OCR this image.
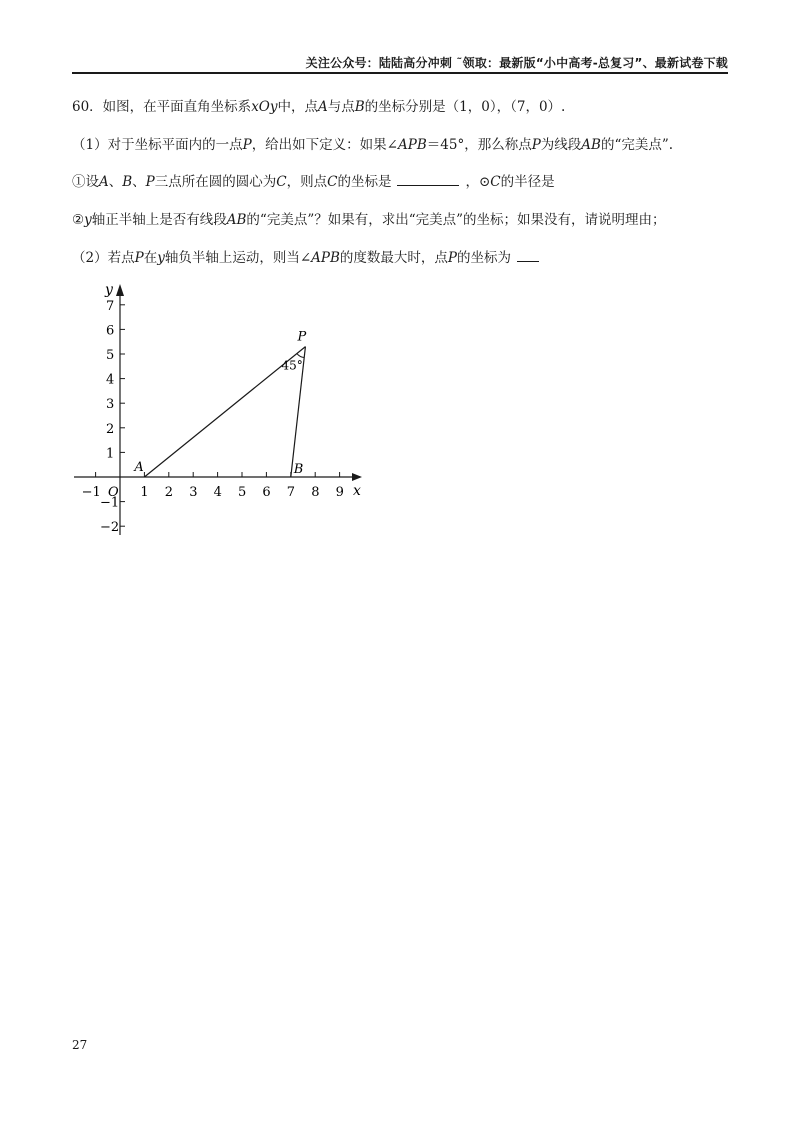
关注公众号：陆陆高分冲刺 ˜领取：最新版“小中高考-总复习”、最新试卷下载
60．如图，在平面直角坐标系xOy中，点A与点B的坐标分别是（1，0），（7，0）.
（1）对于坐标平面内的一点P，给出如下定义：如果∠APB＝45°，那么称点P为线段AB的“完美点”.
①设A、B、P三点所在圆的圆心为C，则点C的坐标是	，⊙C的半径是
②y轴正半轴上是否有线段AB的“完美点”？如果有，求出“完美点”的坐标；如果没有，请说明理由；
（2）若点P在y轴负半轴上运动，则当∠APB的度数最大时，点P的坐标为
−1	1 2 3 4 5 6 7 8 9
7
6
5
4
3
2
1
−1
−2
x
y
O
A	B
P
45°
27
